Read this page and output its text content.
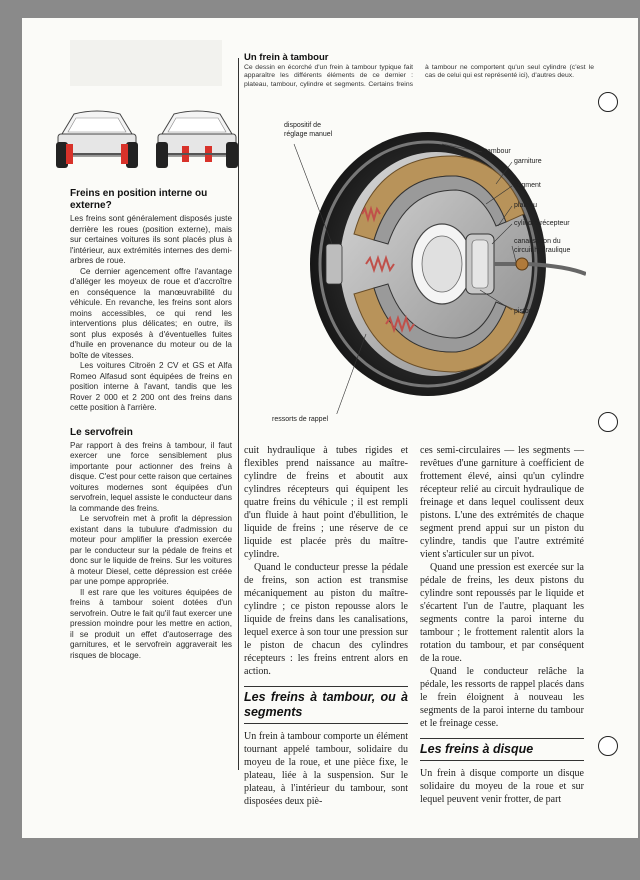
Freins en position interne ou externe?

Les freins sont généralement disposés juste derrière les roues (position externe), mais sur certaines voitures ils sont placés plus à l'intérieur, aux extrémités internes des demi-arbres de roue.

Ce dernier agencement offre l'avantage d'alléger les moyeux de roue et d'accroître en conséquence la manœuvrabilité du véhicule. En revanche, les freins sont alors moins accessibles, ce qui rend les interventions plus délicates; en outre, ils sont plus exposés à d'éventuelles fuites d'huile en provenance du moteur ou de la boîte de vitesses.

Les voitures Citroën 2 CV et GS et Alfa Romeo Alfasud sont équipées de freins en position interne à l'avant, tandis que les Rover 2 000 et 2 200 ont des freins dans cette position à l'arrière.

Le servofrein

Par rapport à des freins à tambour, il faut exercer une force sensiblement plus importante pour actionner des freins à disque. C'est pour cette raison que certaines voitures modernes sont équipées d'un servofrein, lequel assiste le conducteur dans la commande des freins.

Le servofrein met à profit la dépression existant dans la tubulure d'admission du moteur pour amplifier la pression exercée par le conducteur sur la pédale de freins et donc sur le liquide de freins. Sur les voitures à moteur Diesel, cette dépression est créée par une pompe appropriée.

Il est rare que les voitures équipées de freins à tambour soient dotées d'un servofrein. Outre le fait qu'il faut exercer une pression moindre pour les mettre en action, il se produit un effet d'autoserrage des garnitures, et le servofrein aggraverait les risques de blocage.

Un frein à tambour
Ce dessin en écorché d'un frein à tambour typique fait apparaître les différents éléments de ce dernier : plateau, tambour, cylindre et segments. Certains freins à tambour ne comportent qu'un seul cylindre (c'est le cas de celui qui est représenté ici), d'autres deux.
dispositif de réglage manuel
tambour
garniture
segment
plateau
cylindre récepteur
canalisation du circuit hydraulique
piston
ressorts de rappel

cuit hydraulique à tubes rigides et flexibles prend naissance au maître-cylindre de freins et aboutit aux cylindres récepteurs qui équipent les quatre freins du véhicule ; il est rempli d'un fluide à haut point d'ébullition, le liquide de freins ; une réserve de ce liquide est placée près du maître-cylindre.

Quand le conducteur presse la pédale de freins, son action est transmise mécaniquement au piston du maître-cylindre ; ce piston repousse alors le liquide de freins dans les canalisations, lequel exerce à son tour une pression sur le piston de chacun des cylindres récepteurs : les freins entrent alors en action.

Les freins à tambour, ou à segments

Un frein à tambour comporte un élément tournant appelé tambour, solidaire du moyeu de la roue, et une pièce fixe, le plateau, liée à la suspension. Sur le plateau, à l'intérieur du tambour, sont disposées deux piè-

ces semi-circulaires — les segments — revêtues d'une garniture à coefficient de frottement élevé, ainsi qu'un cylindre récepteur relié au circuit hydraulique de freinage et dans lequel coulissent deux pistons. L'une des extrémités de chaque segment prend appui sur un piston du cylindre, tandis que l'autre extrémité vient s'articuler sur un pivot.

Quand une pression est exercée sur la pédale de freins, les deux pistons du cylindre sont repoussés par le liquide et s'écartent l'un de l'autre, plaquant les segments contre la paroi interne du tambour ; le frottement ralentit alors la rotation du tambour, et par conséquent de la roue.

Quand le conducteur relâche la pédale, les ressorts de rappel placés dans le frein éloignent à nouveau les segments de la paroi interne du tambour et le freinage cesse.

Les freins à disque

Un frein à disque comporte un disque solidaire du moyeu de la roue et sur lequel peuvent venir frotter, de part
